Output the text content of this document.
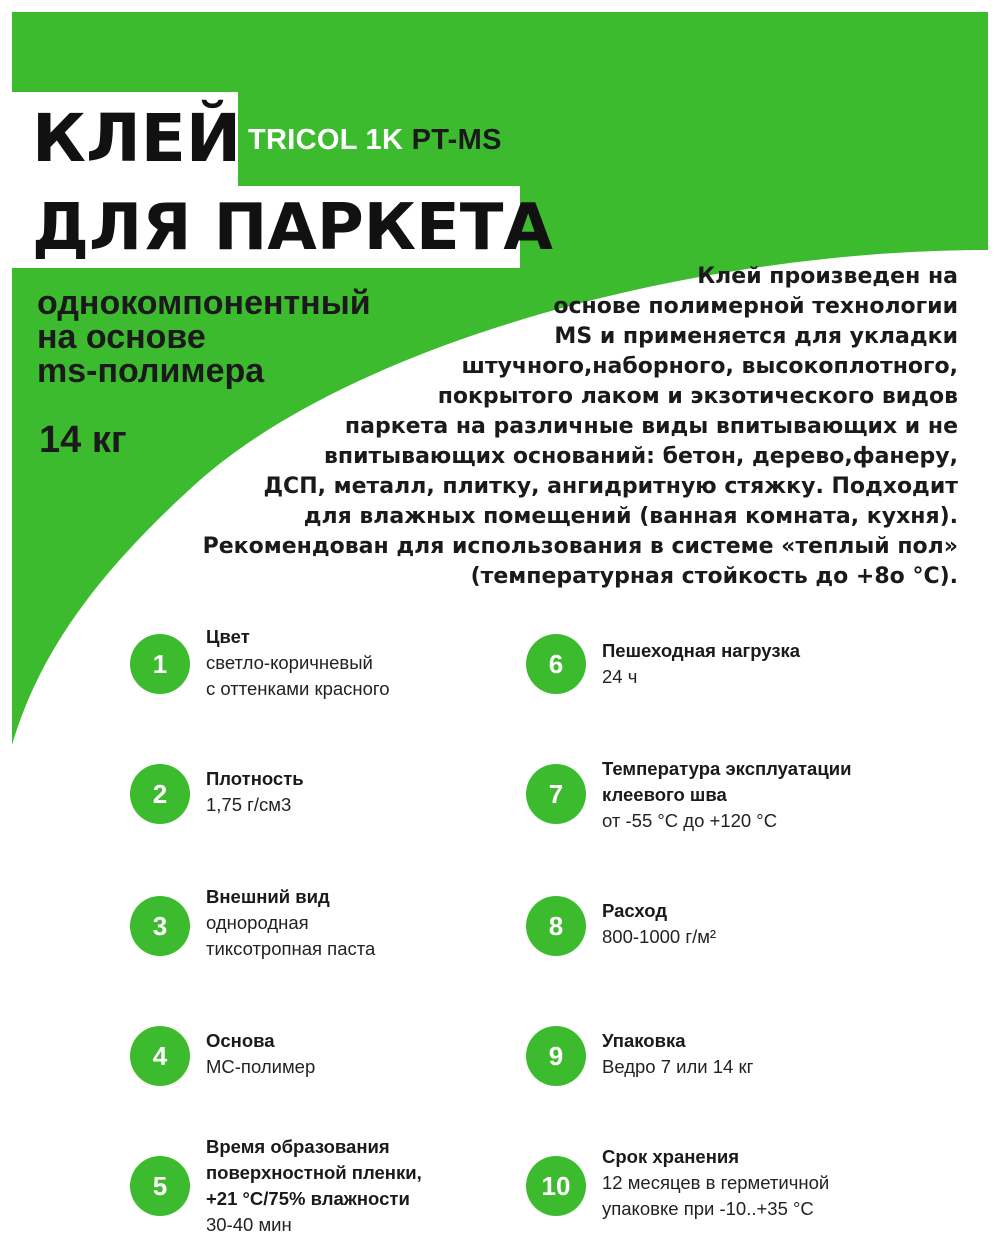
КЛЕЙ
ДЛЯ ПАРКЕТА
TRICOL 1K PT-MS
однокомпонентный
на основе
ms-полимера
14 кг
Клей произведен на
основе полимерной технологии
MS и применяется для укладки
штучного,наборного, высокоплотного,
покрытого лаком и экзотического видов
паркета на различные виды впитывающих и не
впитывающих оснований: бетон, дерево,фанеру,
ДСП, металл, плитку, ангидритную стяжку. Подходит
для влажных помещений (ванная комната, кухня).
Рекомендован для использования в системе «теплый пол»
(температурная стойкость до +8о °С).
1
Цвет
светло-коричневый
с оттенками красного
2	Плотность
1,75 г/см3
3
Внешний вид
однородная
тиксотропная паста
4	Основа
МС-полимер
5
Время образования
поверхностной пленки,
+21 °С/75% влажности
30-40 мин
6	Пешеходная нагрузка
24 ч
7
Температура эксплуатации
клеевого шва
от -55 °С до +120 °С
8	Расход
800-1000 г/м²
9	Упаковка
Ведро 7 или 14 кг
10
Срок хранения
12 месяцев в герметичной
упаковке при -10..+35 °С
